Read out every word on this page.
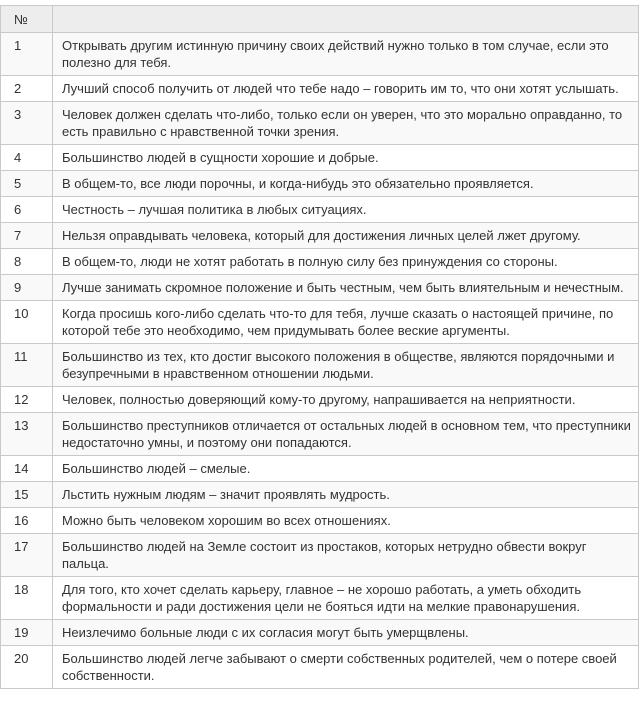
№	
1	Открывать другим истинную причину своих действий нужно только в том случае, если это полезно для тебя.
2	Лучший способ получить от людей что тебе надо – говорить им то, что они хотят услышать.
3	Человек должен сделать что-либо, только если он уверен, что это морально оправданно, то есть правильно с нравственной точки зрения.
4	Большинство людей в сущности хорошие и добрые.
5	В общем-то, все люди порочны, и когда-нибудь это обязательно проявляется.
6	Честность – лучшая политика в любых ситуациях.
7	Нельзя оправдывать человека, который для достижения личных целей лжет другому.
8	В общем-то, люди не хотят работать в полную силу без принуждения со стороны.
9	Лучше занимать скромное положение и быть честным, чем быть влиятельным и нечестным.
10	Когда просишь кого-либо сделать что-то для тебя, лучше сказать о настоящей причине, по которой тебе это необходимо, чем придумывать более веские аргументы.
11	Большинство из тех, кто достиг высокого положения в обществе, являются порядочными и безупречными в нравственном отношении людьми.
12	Человек, полностью доверяющий кому-то другому, напрашивается на неприятности.
13	Большинство преступников отличается от остальных людей в основном тем, что преступники недостаточно умны, и поэтому они попадаются.
14	Большинство людей – смелые.
15	Льстить нужным людям – значит проявлять мудрость.
16	Можно быть человеком хорошим во всех отношениях.
17	Большинство людей на Земле состоит из простаков, которых нетрудно обвести вокруг пальца.
18	Для того, кто хочет сделать карьеру, главное – не хорошо работать, а уметь обходить формальности и ради достижения цели не бояться идти на мелкие правонарушения.
19	Неизлечимо больные люди с их согласия могут быть умерщвлены.
20	Большинство людей легче забывают о смерти собственных родителей, чем о потере своей собственности.
